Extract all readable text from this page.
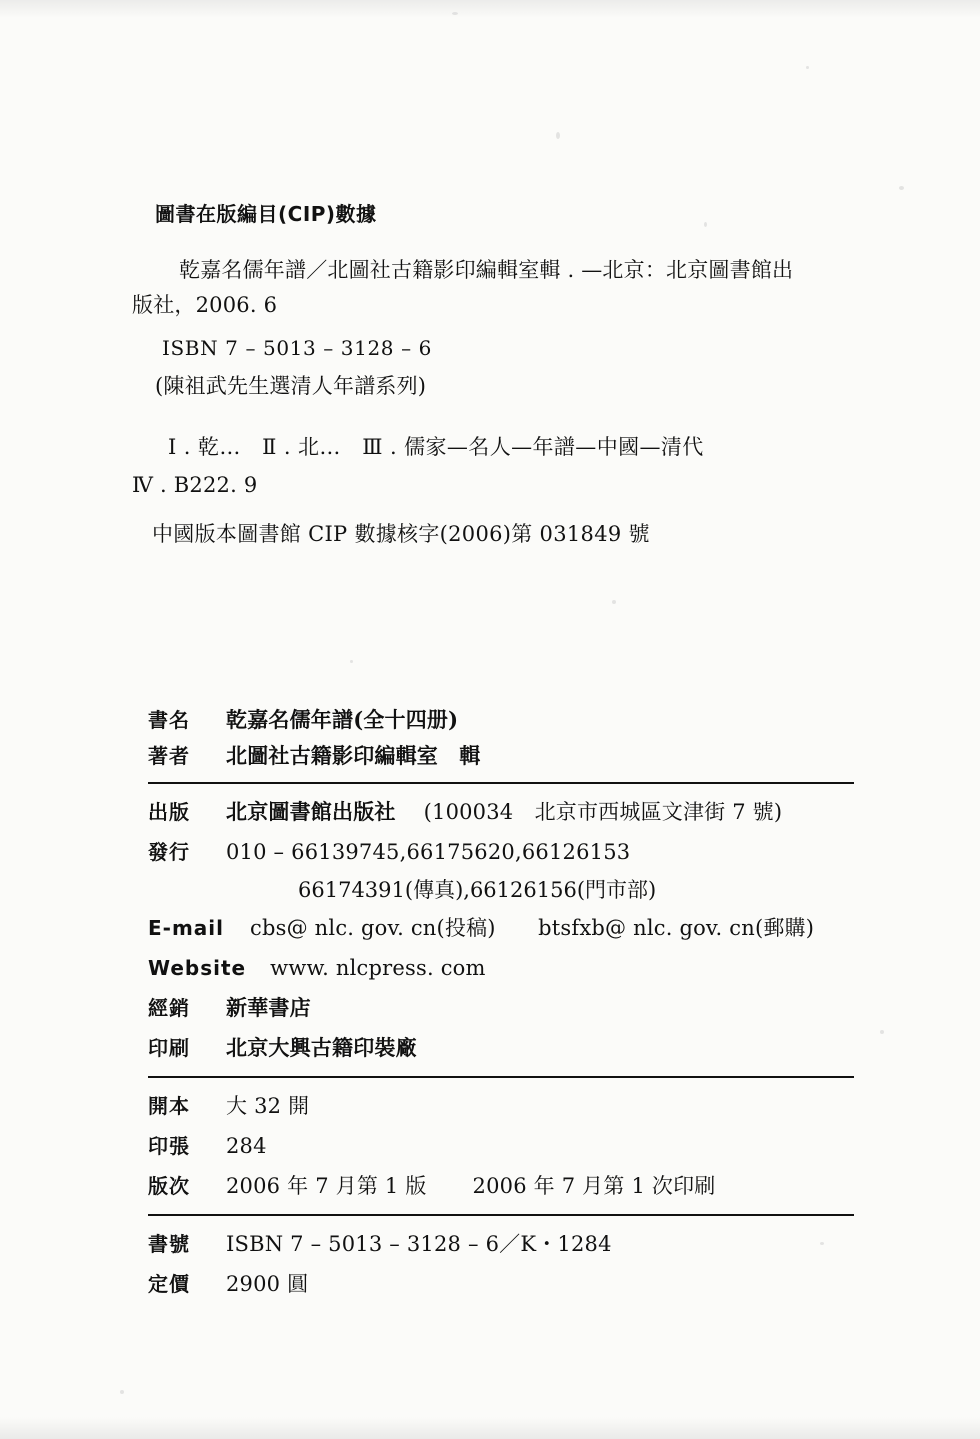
圖書在版編目(CIP)數據
乾嘉名儒年譜／北圖社古籍影印編輯室輯 . —北京：北京圖書館出
版社，2006. 6
ISBN 7 – 5013 – 3128 – 6
(陳祖武先生選清人年譜系列)
Ⅰ . 乾…　Ⅱ . 北…　Ⅲ . 儒家—名人—年譜—中國—清代
Ⅳ . B222. 9
中國版本圖書館 CIP 數據核字(2006)第 031849 號
書名	乾嘉名儒年譜(全十四册)
著者	北圖社古籍影印編輯室　輯
出版	北京圖書館出版社	(100034　北京市西城區文津街 7 號)
發行	010 – 66139745,66175620,66126153
66174391(傳真),66126156(門市部)
E-mail	cbs@ nlc. gov. cn(投稿)　　btsfxb@ nlc. gov. cn(郵購)
Website	www. nlcpress. com
經銷	新華書店
印刷	北京大興古籍印裝廠
開本	大 32 開
印張	284
版次	2006 年 7 月第 1 版	2006 年 7 月第 1 次印刷
書號	ISBN 7 – 5013 – 3128 – 6／K・1284
定價	2900 圓
